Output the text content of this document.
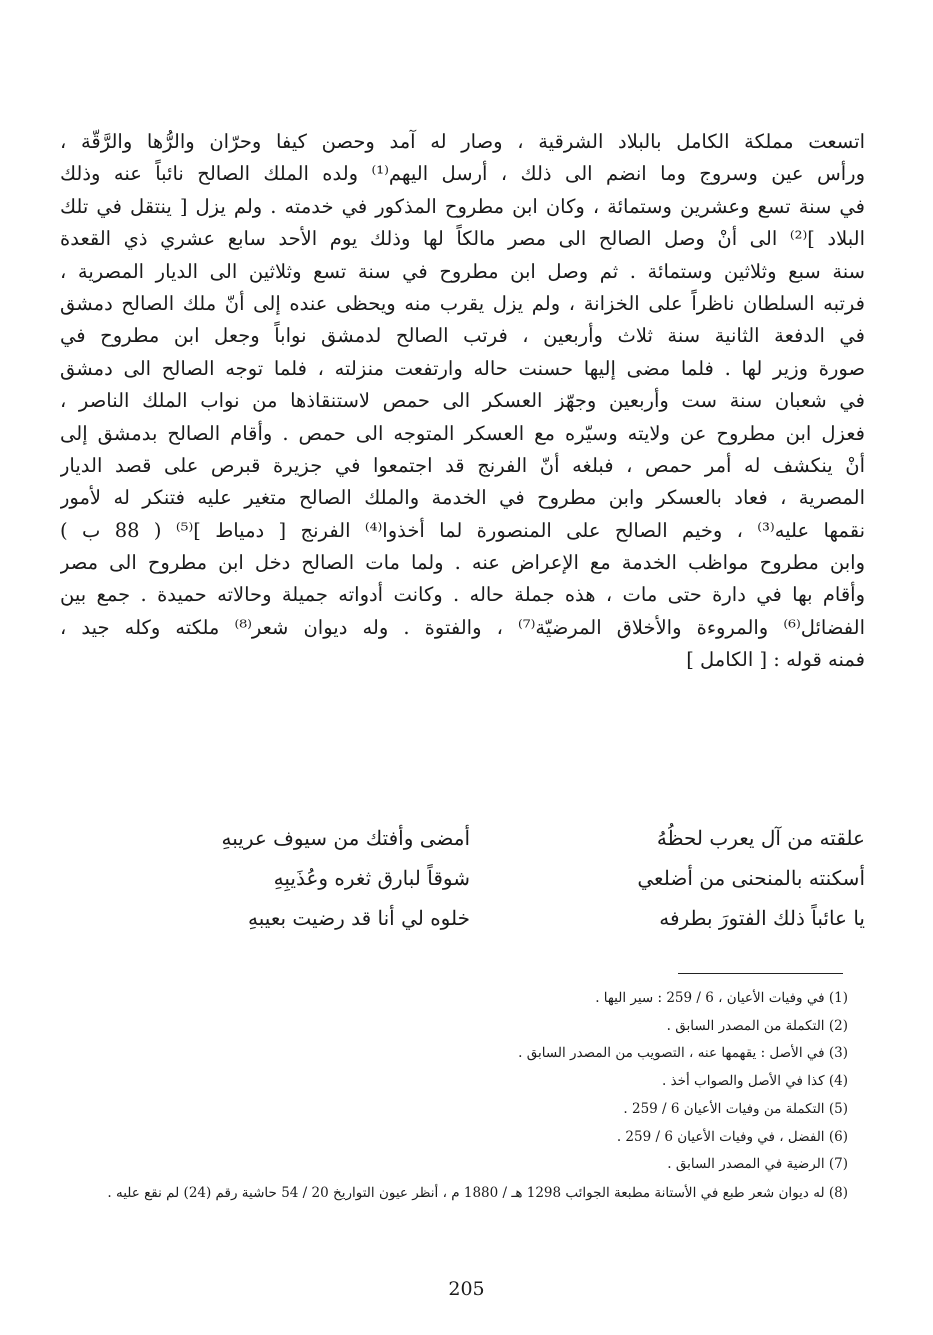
اتسعت مملكة الكامل بالبلاد الشرقية ، وصار له آمد وحصن كيفا وحرّان والرُّها والرَّقّة ،
ورأس عين وسروج وما انضم الى ذلك ، أرسل اليهم⁽¹⁾ ولده الملك الصالح نائباً عنه وذلك
في سنة تسع وعشرين وستمائة ، وكان ابن مطروح المذكور في خدمته . ولم يزل [ ينتقل في تلك
البلاد ]⁽²⁾ الى أنْ وصل الصالح الى مصر مالكاً لها وذلك يوم الأحد سابع عشري ذي القعدة
سنة سبع وثلاثين وستمائة . ثم وصل ابن مطروح في سنة تسع وثلاثين الى الديار المصرية ،
فرتبه السلطان ناظراً على الخزانة ، ولم يزل يقرب منه ويحظى عنده إلى أنّ ملك الصالح دمشق
في الدفعة الثانية سنة ثلاث وأربعين ، فرتب الصالح لدمشق نواباً وجعل ابن مطروح في
صورة وزير لها . فلما مضى إليها حسنت حاله وارتفعت منزلته ، فلما توجه الصالح الى دمشق
في شعبان سنة ست وأربعين وجهّز العسكر الى حمص لاستنقاذها من نواب الملك الناصر ،
فعزل ابن مطروح عن ولايته وسيّره مع العسكر المتوجه الى حمص . وأقام الصالح بدمشق إلى
أنْ ينكشف له أمر حمص ، فبلغه أنّ الفرنج قد اجتمعوا في جزيرة قبرص على قصد الديار
المصرية ، فعاد بالعسكر وابن مطروح في الخدمة والملك الصالح متغير عليه فتنكر له لأمور
نقمها عليه⁽³⁾ ، وخيم الصالح على المنصورة لما أخذوا⁽⁴⁾ الفرنج [ دمياط ]⁽⁵⁾ ( 88 ب )
وابن مطروح مواظب الخدمة مع الإعراض عنه . ولما مات الصالح دخل ابن مطروح الى مصر
وأقام بها في دارة حتى مات ، هذه جملة حاله . وكانت أدواته جميلة وحالاته حميدة . جمع بين
الفضائل⁽⁶⁾ والمروءة والأخلاق المرضيّة⁽⁷⁾ ، والفتوة . وله ديوان شعر⁽⁸⁾ ملكته وكله جيد ،
فمنه قوله : [ الكامل ]
علقته من آل يعرب لحظُهُ
أمضى وأفتك من سيوف عريبهِ
أسكنته بالمنحنى من أضلعي
شوقاً لبارق ثغره وعُذَيبِهِ
يا عائباً ذلك الفتورَ بطرفه
خلوه لي أنا قد رضيت بعيبهِ
(1) في وفيات الأعيان ، 6 / 259 : سير اليها .
(2) التكملة من المصدر السابق .
(3) في الأصل : يقهمها عنه ، التصويب من المصدر السابق .
(4) كذا في الأصل والصواب أخذ .
(5) التكملة من وفيات الأعيان 6 / 259 .
(6) الفضل ، في وفيات الأعيان 6 / 259 .
(7) الرضية في المصدر السابق .
(8) له ديوان شعر طبع في الأستانة مطبعة الجوائب 1298 هـ / 1880 م ، أنظر عيون التواريخ 20 / 54 حاشية رقم (24) لم نقع عليه .
205
